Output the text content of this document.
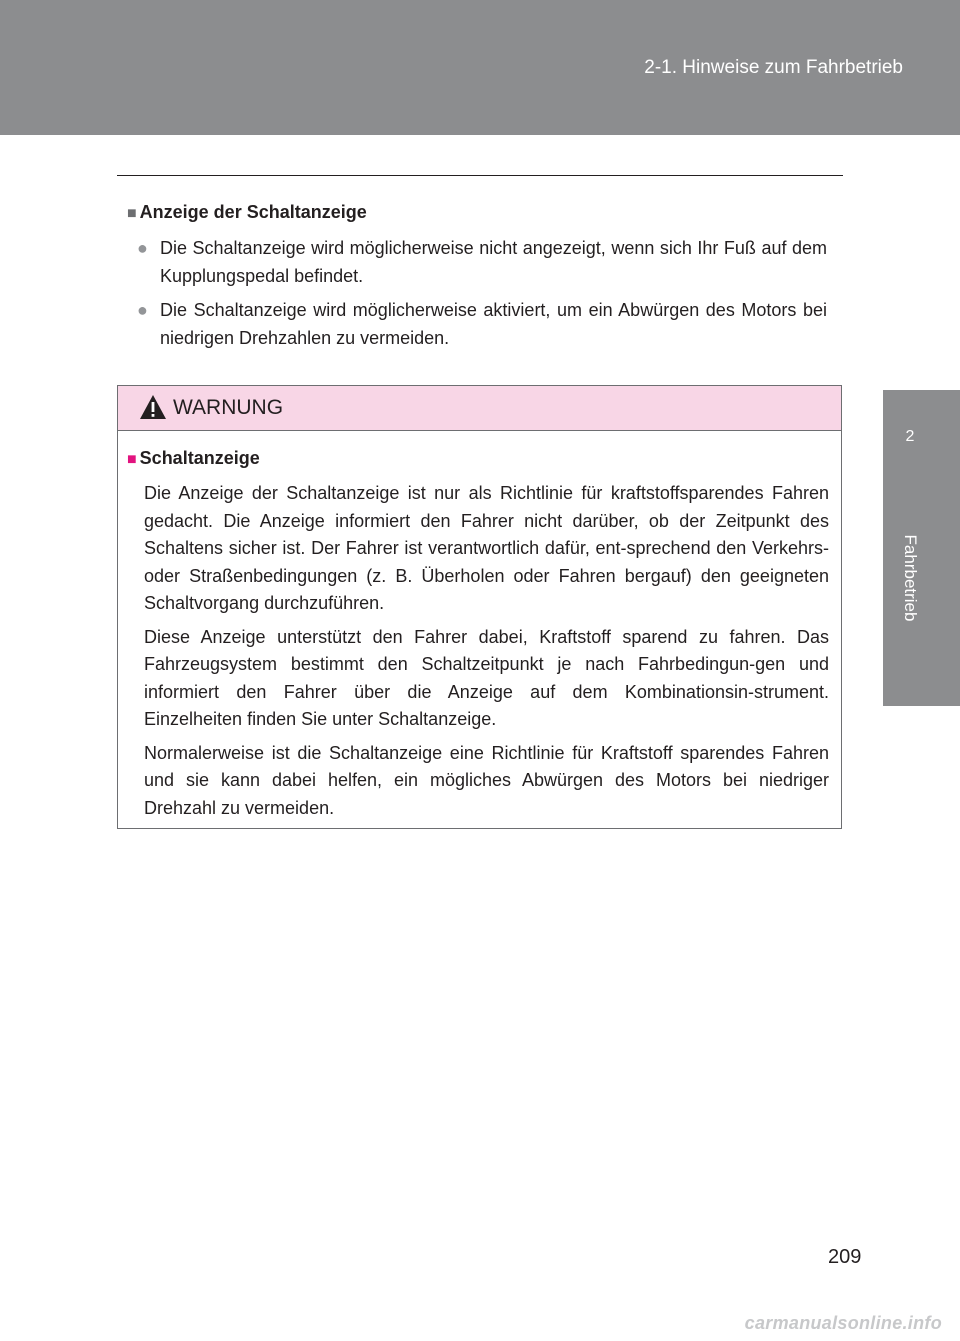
2-1. Hinweise zum Fahrbetrieb
2
Fahrbetrieb
■ Anzeige der Schaltanzeige
● Die Schaltanzeige wird möglicherweise nicht angezeigt, wenn sich Ihr Fuß auf dem Kupplungspedal befindet.
● Die Schaltanzeige wird möglicherweise aktiviert, um ein Abwürgen des Motors bei niedrigen Drehzahlen zu vermeiden.
WARNUNG
■ Schaltanzeige
Die Anzeige der Schaltanzeige ist nur als Richtlinie für kraftstoffsparendes Fahren gedacht. Die Anzeige informiert den Fahrer nicht darüber, ob der Zeitpunkt des Schaltens sicher ist. Der Fahrer ist verantwortlich dafür, ent-sprechend den Verkehrs- oder Straßenbedingungen (z. B. Überholen oder Fahren bergauf) den geeigneten Schaltvorgang durchzuführen.
Diese Anzeige unterstützt den Fahrer dabei, Kraftstoff sparend zu fahren. Das Fahrzeugsystem bestimmt den Schaltzeitpunkt je nach Fahrbedingun-gen und informiert den Fahrer über die Anzeige auf dem Kombinationsin-strument. Einzelheiten finden Sie unter Schaltanzeige.
Normalerweise ist die Schaltanzeige eine Richtlinie für Kraftstoff sparendes Fahren und sie kann dabei helfen, ein mögliches Abwürgen des Motors bei niedriger Drehzahl zu vermeiden.
209
carmanualsonline.info
